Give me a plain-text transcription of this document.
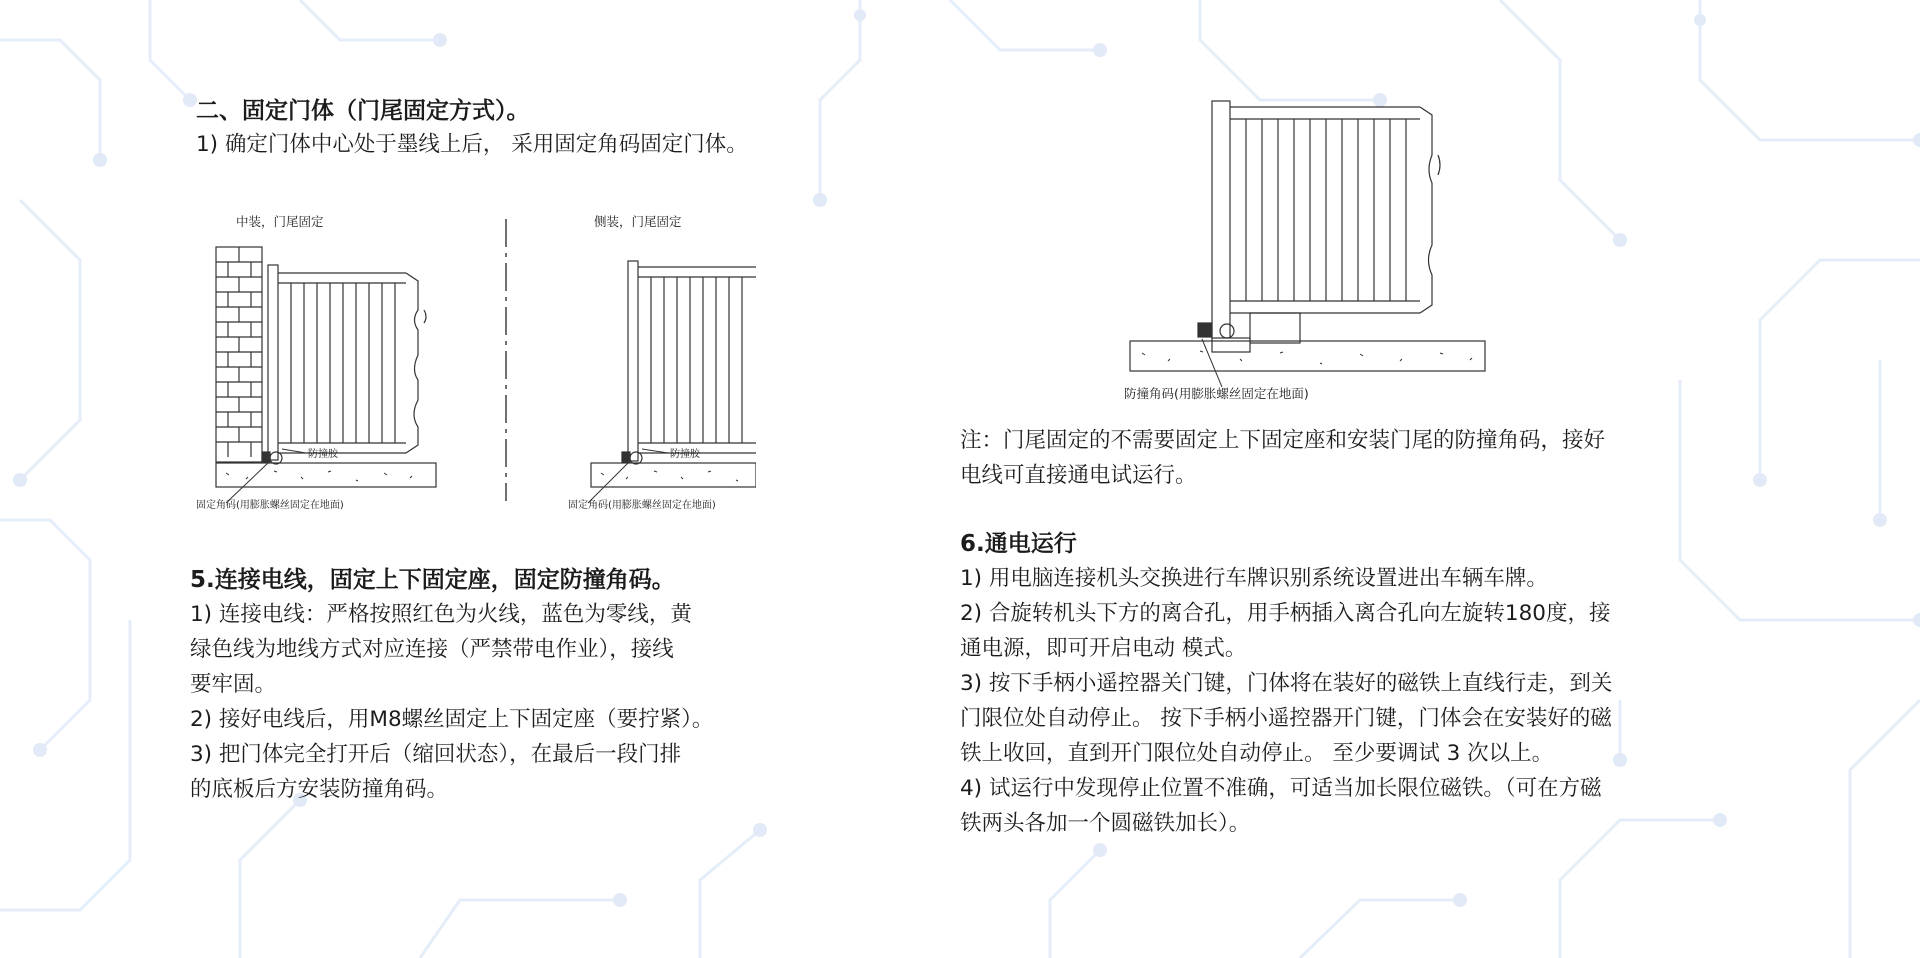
二、固定门体（门尾固定方式）。
1) 确定门体中心处于墨线上后， 采用固定角码固定门体。
中装，门尾固定	侧装，门尾固定
防撞胶	防撞胶
固定角码(用膨胀螺丝固定在地面)	固定角码(用膨胀螺丝固定在地面)
5.连接电线，固定上下固定座，固定防撞角码。
1) 连接电线：严格按照红色为火线，蓝色为零线，黄
绿色线为地线方式对应连接（严禁带电作业），接线
要牢固。
2) 接好电线后，用M8螺丝固定上下固定座（要拧紧）。
3) 把门体完全打开后（缩回状态），在最后一段门排
的底板后方安装防撞角码。
防撞角码(用膨胀螺丝固定在地面)
注：门尾固定的不需要固定上下固定座和安装门尾的防撞角码，接好
电线可直接通电试运行。
6.通电运行
1) 用电脑连接机头交换进行车牌识别系统设置进出车辆车牌。
2) 合旋转机头下方的离合孔，用手柄插入离合孔向左旋转180度，接
通电源，即可开启电动 模式。
3) 按下手柄小遥控器关门键，门体将在装好的磁铁上直线行走，到关
门限位处自动停止。 按下手柄小遥控器开门键，门体会在安装好的磁
铁上收回，直到开门限位处自动停止。 至少要调试 3 次以上。
4) 试运行中发现停止位置不准确，可适当加长限位磁铁。（可在方磁
铁两头各加一个圆磁铁加长）。
